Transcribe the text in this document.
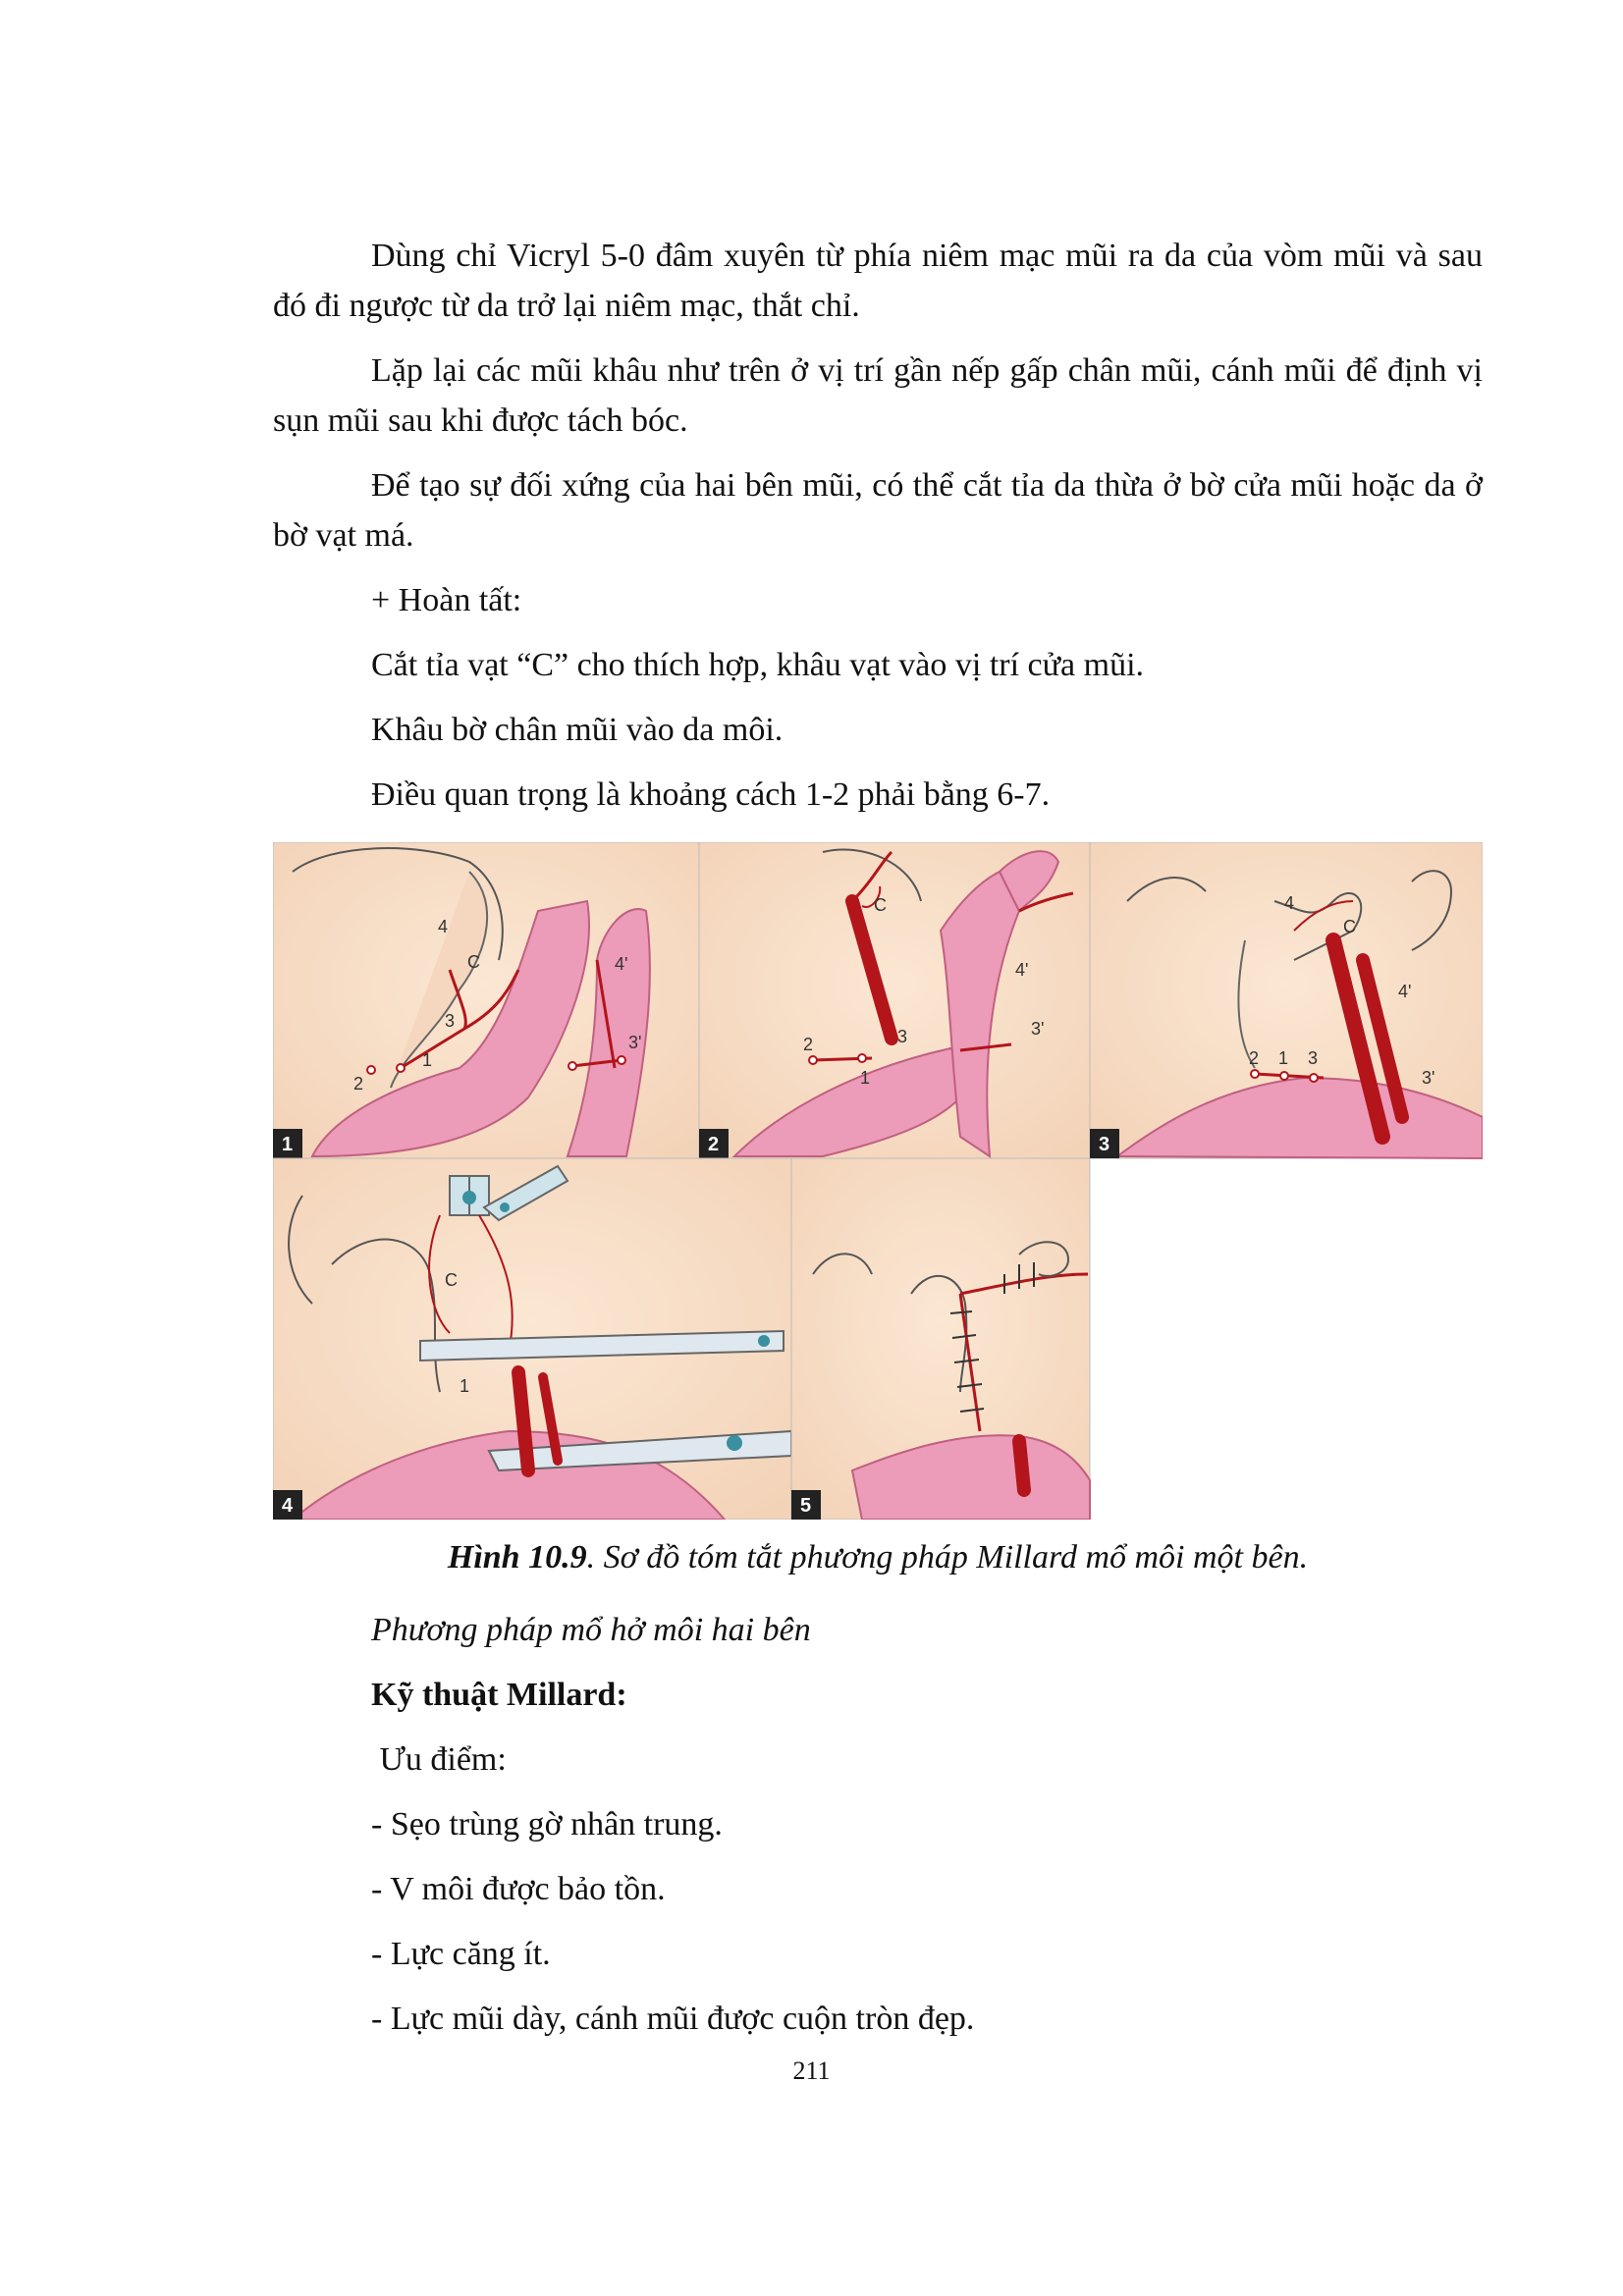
Dùng chỉ Vicryl 5-0 đâm xuyên từ phía niêm mạc mũi ra da của vòm mũi và sau đó đi ngược từ da trở lại niêm mạc, thắt chỉ.
Lặp lại các mũi khâu như trên ở vị trí gần nếp gấp chân mũi, cánh mũi để định vị sụn mũi sau khi được tách bóc.
Để tạo sự đối xứng của hai bên mũi, có thể cắt tỉa da thừa ở bờ cửa mũi hoặc da ở bờ vạt má.
+ Hoàn tất:
Cắt tỉa vạt “C” cho thích hợp, khâu vạt vào vị trí cửa mũi.
Khâu bờ chân mũi vào da môi.
Điều quan trọng là khoảng cách 1-2 phải bằng 6-7.
4
C
3
2
1
4'
3'
1
C
2
1
3
4'
3'
2
4
C
4'
2 1 3
3'
3
C
1
4	5
Hình 10.9. Sơ đồ tóm tắt phương pháp Millard mổ môi một bên.
Phương pháp mổ hở môi hai bên
Kỹ thuật Millard:
Ưu điểm:
- Sẹo trùng gờ nhân trung.
- V môi được bảo tồn.
- Lực căng ít.
- Lực mũi dày, cánh mũi được cuộn tròn đẹp.
211
